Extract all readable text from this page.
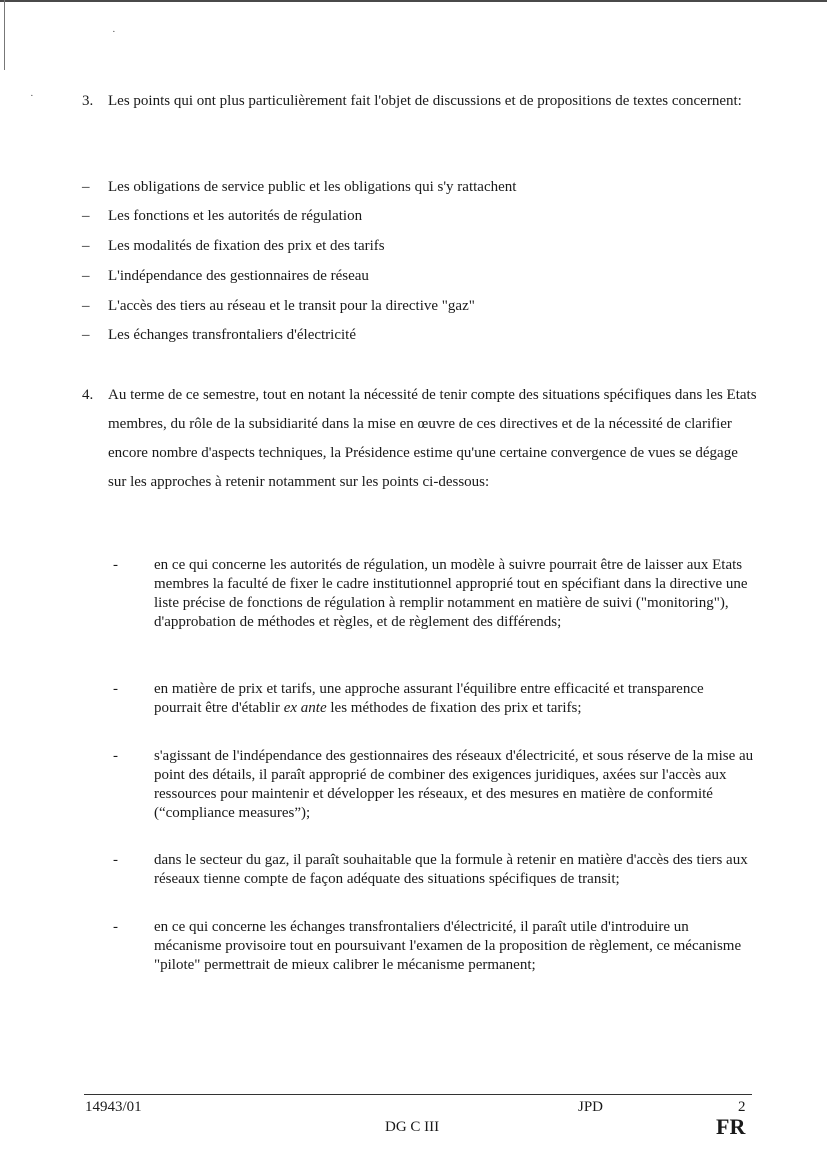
·
·	3. Les points qui ont plus particulièrement fait l'objet de discussions et de propositions de textes concernent:
– Les obligations de service public et les obligations qui s'y rattachent
– Les fonctions et les autorités de régulation
– Les modalités de fixation des prix et des tarifs
– L'indépendance des gestionnaires de réseau
– L'accès des tiers au réseau et le transit pour la directive "gaz"
– Les échanges transfrontaliers d'électricité
4. Au terme de ce semestre, tout en notant la nécessité de tenir compte des situations spécifiques dans les Etats membres, du rôle de la subsidiarité dans la mise en œuvre de ces directives et de la nécessité de clarifier encore nombre d'aspects techniques, la Présidence estime qu'une certaine convergence de vues se dégage sur les approches à retenir notamment sur les points ci-dessous:
- en ce qui concerne les autorités de régulation, un modèle à suivre pourrait être de laisser aux Etats membres la faculté de fixer le cadre institutionnel approprié tout en spécifiant dans la directive une liste précise de fonctions de régulation à remplir notamment en matière de suivi ("monitoring"), d'approbation de méthodes et règles, et de règlement des différends;
- en matière de prix et tarifs, une approche assurant l'équilibre entre efficacité et transparence pourrait être d'établir ex ante les méthodes de fixation des prix et tarifs;
- s'agissant de l'indépendance des gestionnaires des réseaux d'électricité, et sous réserve de la mise au point des détails, il paraît approprié de combiner des exigences juridiques, axées sur l'accès aux ressources pour maintenir et développer les réseaux, et des mesures en matière de conformité (“compliance measures”);
- dans le secteur du gaz, il paraît souhaitable que la formule à retenir en matière d'accès des tiers aux réseaux tienne compte de façon adéquate des situations spécifiques de transit;
- en ce qui concerne les échanges transfrontaliers d'électricité, il paraît utile d'introduire un mécanisme provisoire tout en poursuivant l'examen de la proposition de règlement, ce mécanisme "pilote" permettrait de mieux calibrer le mécanisme permanent;
14943/01	JPD	2
DG C III	FR
